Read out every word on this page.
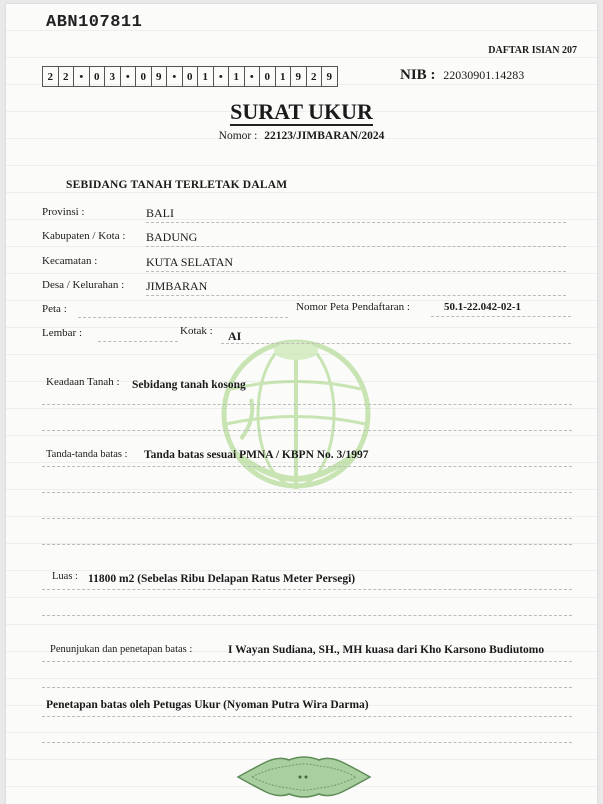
ABN107811
DAFTAR ISIAN 207
2 2 • 0 3 • 0 9 • 0 1 • 1 • 0 1 9 2 9	NIB : 22030901.14283
SURAT UKUR
Nomor : 22123/JIMBARAN/2024
SEBIDANG TANAH TERLETAK DALAM
Provinsi :	BALI
Kabupaten / Kota : BADUNG
Kecamatan :	KUTA SELATAN
Desa / Kelurahan : JIMBARAN
Peta :	Nomor Peta Pendaftaran :	50.1-22.042-02-1
Lembar :	Kotak : AI
Keadaan Tanah : Sebidang tanah kosong
Tanda-tanda batas : Tanda batas sesuai PMNA / KBPN No. 3/1997
Luas : 11800 m2 (Sebelas Ribu Delapan Ratus Meter Persegi)
Penunjukan dan penetapan batas :	I Wayan Sudiana, SH., MH kuasa dari Kho Karsono Budiutomo
Penetapan batas oleh Petugas Ukur (Nyoman Putra Wira Darma)
